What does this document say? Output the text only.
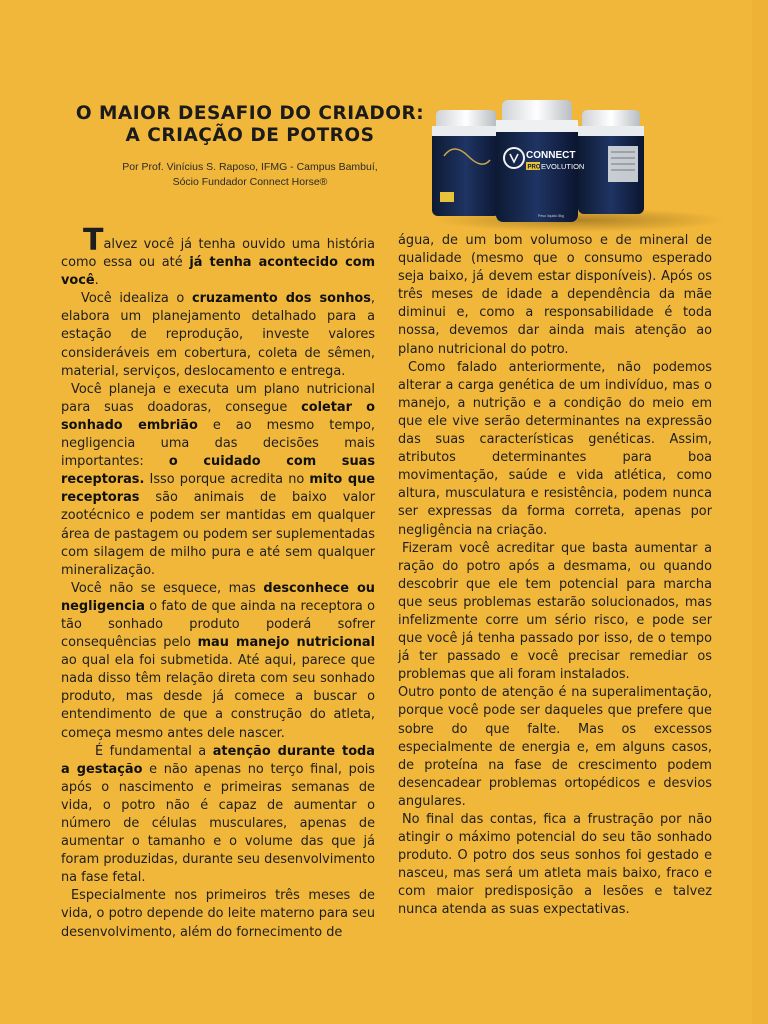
O MAIOR DESAFIO DO CRIADOR:
A CRIAÇÃO DE POTROS
Por Prof. Vinícius S. Raposo, IFMG - Campus Bambuí,
Sócio Fundador Connect Horse®
CONNECT
PRO EVOLUTION
Peso líquido 5kg

Talvez você já tenha ouvido uma história como essa ou até já tenha acontecido com você.

Você idealiza o cruzamento dos sonhos, elabora um planejamento detalhado para a estação de reprodução, investe valores consideráveis em cobertura, coleta de sêmen, material, serviços, deslocamento e entrega.

Você planeja e executa um plano nutricional para suas doadoras, consegue coletar o sonhado embrião e ao mesmo tempo, negligencia uma das decisões mais importantes: o cuidado com suas receptoras. Isso porque acredita no mito que receptoras são animais de baixo valor zootécnico e podem ser mantidas em qualquer área de pastagem ou podem ser suplementadas com silagem de milho pura e até sem qualquer mineralização.

Você não se esquece, mas desconhece ou negligencia o fato de que ainda na receptora o tão sonhado produto poderá sofrer consequências pelo mau manejo nutricional ao qual ela foi submetida. Até aqui, parece que nada disso têm relação direta com seu sonhado produto, mas desde já comece a buscar o entendimento de que a construção do atleta, começa mesmo antes dele nascer.

É fundamental a atenção durante toda a gestação e não apenas no terço final, pois após o nascimento e primeiras semanas de vida, o potro não é capaz de aumentar o número de células musculares, apenas de aumentar o tamanho e o volume das que já foram produzidas, durante seu desenvolvimento na fase fetal.

Especialmente nos primeiros três meses de vida, o potro depende do leite materno para seu desenvolvimento, além do fornecimento de

água, de um bom volumoso e de mineral de qualidade (mesmo que o consumo esperado seja baixo, já devem estar disponíveis). Após os três meses de idade a dependência da mãe diminui e, como a responsabilidade é toda nossa, devemos dar ainda mais atenção ao plano nutricional do potro.

Como falado anteriormente, não podemos alterar a carga genética de um indivíduo, mas o manejo, a nutrição e a condição do meio em que ele vive serão determinantes na expressão das suas características genéticas. Assim, atributos determinantes para boa movimentação, saúde e vida atlética, como altura, musculatura e resistência, podem nunca ser expressas da forma correta, apenas por negligência na criação.

Fizeram você acreditar que basta aumentar a ração do potro após a desmama, ou quando descobrir que ele tem potencial para marcha que seus problemas estarão solucionados, mas infelizmente corre um sério risco, e pode ser que você já tenha passado por isso, de o tempo já ter passado e você precisar remediar os problemas que ali foram instalados.

Outro ponto de atenção é na superalimentação, porque você pode ser daqueles que prefere que sobre do que falte. Mas os excessos especialmente de energia e, em alguns casos, de proteína na fase de crescimento podem desencadear problemas ortopédicos e desvios angulares.

No final das contas, fica a frustração por não atingir o máximo potencial do seu tão sonhado produto. O potro dos seus sonhos foi gestado e nasceu, mas será um atleta mais baixo, fraco e com maior predisposição a lesões e talvez nunca atenda as suas expectativas.
